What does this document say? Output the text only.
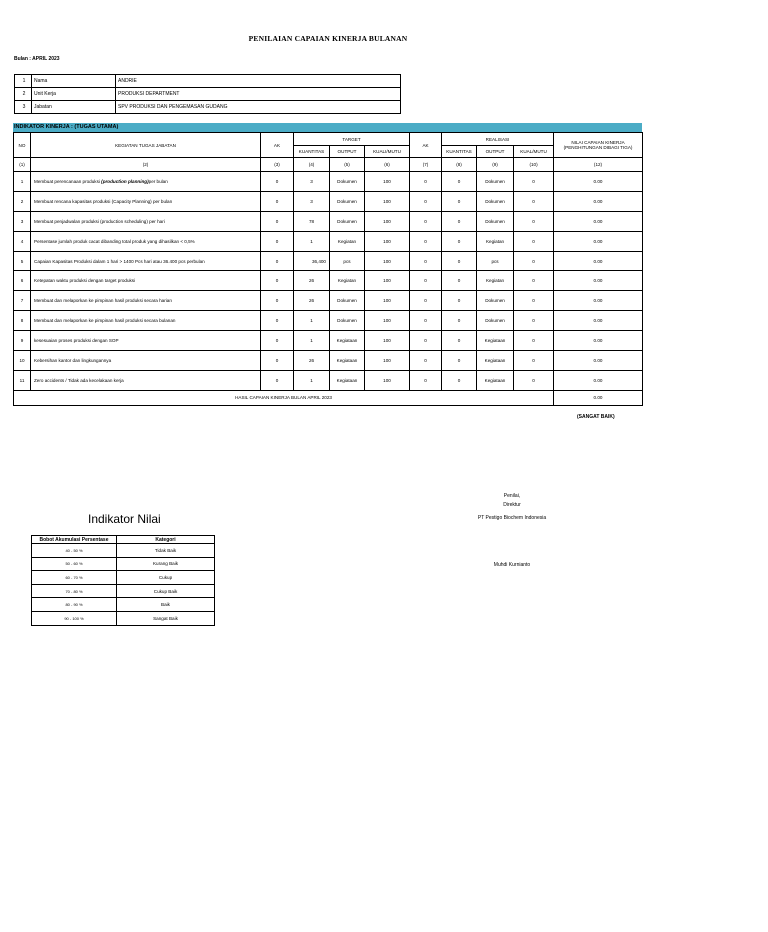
PENILAIAN CAPAIAN KINERJA BULANAN
Bulan : APRIL 2023
1	Nama	ANDRIE
2	Unit Kerja	PRODUKSI DEPARTMENT
3	Jabatan	SPV PRODUKSI DAN PENGEMASAN GUDANG
INDIKATOR KINERJA : (TUGAS UTAMA)
NO	KEGIATAN TUGAS JABATAN	AK	TARGET			AK	REALISASI			NILAI CAPAIAN KINERJA (PENGHITUNGAN DIBAGI TIGA)
			KUANTITAS	OUTPUT	KUALI/MUTU		KUANTITAS	OUTPUT	KUAL/MUTU	
(1)	(2)	(3)	(4)	(5)	(6)	(7)	(8)	(9)	(10)	(12)
1	Membuat perencanaan produksi (production planning)per bulan	0	3	Dokumen	100	0	0	Dokumen	0	0.00
2	Membuat rencana kapasitas produksi (Capacity Planning) per bulan	0	3	Dokumen	100	0	0	Dokumen	0	0.00
3	Membuat penjadwalan produksi (production scheduling) per hari	0	78	Dokumen	100	0	0	Dokumen	0	0.00
4	Persentase jumlah produk cacat dibanding total produk yang dihasilkan < 0,5%	0	1	Kegiatan	100	0	0	Kegiatan	0	0.00
5	Capaian Kapasitas Produksi dalam 1 hari > 1400 Pcs hari atau 36.400 pcs perbulan	0	36,400	pcs	100	0	0	pcs	0	0.00
6	Ketepatan waktu produksi dengan target produksi	0	26	Kegiatan	100	0	0	Kegiatan	0	0.00
7	Membuat dan melaporkan ke pimpinan hasil produksi secara harian	0	26	Dokumen	100	0	0	Dokumen	0	0.00
8	Membuat dan melaporkan ke pimpinan hasil produksi secara bulanan	0	1	Dokumen	100	0	0	Dokumen	0	0.00
9	kesesuaian proses produksi dengan SOP	0	1	Kegiataan	100	0	0	Kegiataan	0	0.00
10	Kebersihan kantor dan lingkungannya	0	26	Kegiataan	100	0	0	Kegiataan	0	0.00
11	Zero accidents / Tidak ada kecelakaan kerja	0	1	Kegiataan	100	0	0	Kegiataan	0	0.00
HASIL CAPAIAN KINERJA BULAN APRIL 2023										0.00
(SANGAT BAIK)
Indikator Nilai
Bobot Akumulasi Persentase	Kategori
40 - 50 %	Tidak Baik
50 - 60 %	Kurang Baik
60 - 70 %	Cukup
70 - 80 %	Cukup Baik
80 - 90 %	Baik
90 - 100 %	Sangat Baik
Penilai,
Direktur
PT Pestigo Biochem Indonesia
Muhdi Kurnianto
